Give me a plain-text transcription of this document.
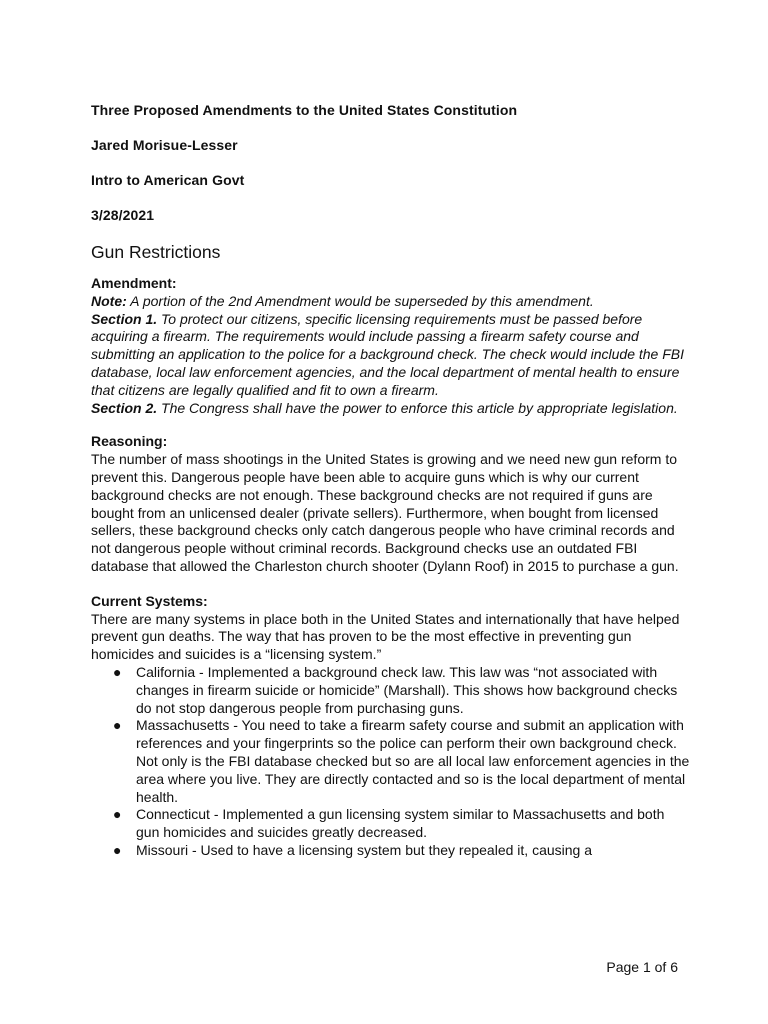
Three Proposed Amendments to the United States Constitution
Jared Morisue-Lesser
Intro to American Govt
3/28/2021
Gun Restrictions
Amendment:
Note: A portion of the 2nd Amendment would be superseded by this amendment.
Section 1. To protect our citizens, specific licensing requirements must be passed before acquiring a firearm. The requirements would include passing a firearm safety course and submitting an application to the police for a background check. The check would include the FBI database, local law enforcement agencies, and the local department of mental health to ensure that citizens are legally qualified and fit to own a firearm.
Section 2. The Congress shall have the power to enforce this article by appropriate legislation.
Reasoning:
The number of mass shootings in the United States is growing and we need new gun reform to prevent this. Dangerous people have been able to acquire guns which is why our current background checks are not enough. These background checks are not required if guns are bought from an unlicensed dealer (private sellers). Furthermore, when bought from licensed sellers, these background checks only catch dangerous people who have criminal records and not dangerous people without criminal records. Background checks use an outdated FBI database that allowed the Charleston church shooter (Dylann Roof) in 2015 to purchase a gun.
Current Systems:
There are many systems in place both in the United States and internationally that have helped prevent gun deaths. The way that has proven to be the most effective in preventing gun homicides and suicides is a “licensing system.”
● California - Implemented a background check law. This law was “not associated with changes in firearm suicide or homicide” (Marshall). This shows how background checks do not stop dangerous people from purchasing guns.
● Massachusetts - You need to take a firearm safety course and submit an application with references and your fingerprints so the police can perform their own background check. Not only is the FBI database checked but so are all local law enforcement agencies in the area where you live. They are directly contacted and so is the local department of mental health.
● Connecticut - Implemented a gun licensing system similar to Massachusetts and both gun homicides and suicides greatly decreased.
● Missouri - Used to have a licensing system but they repealed it, causing a
Page 1 of 6
